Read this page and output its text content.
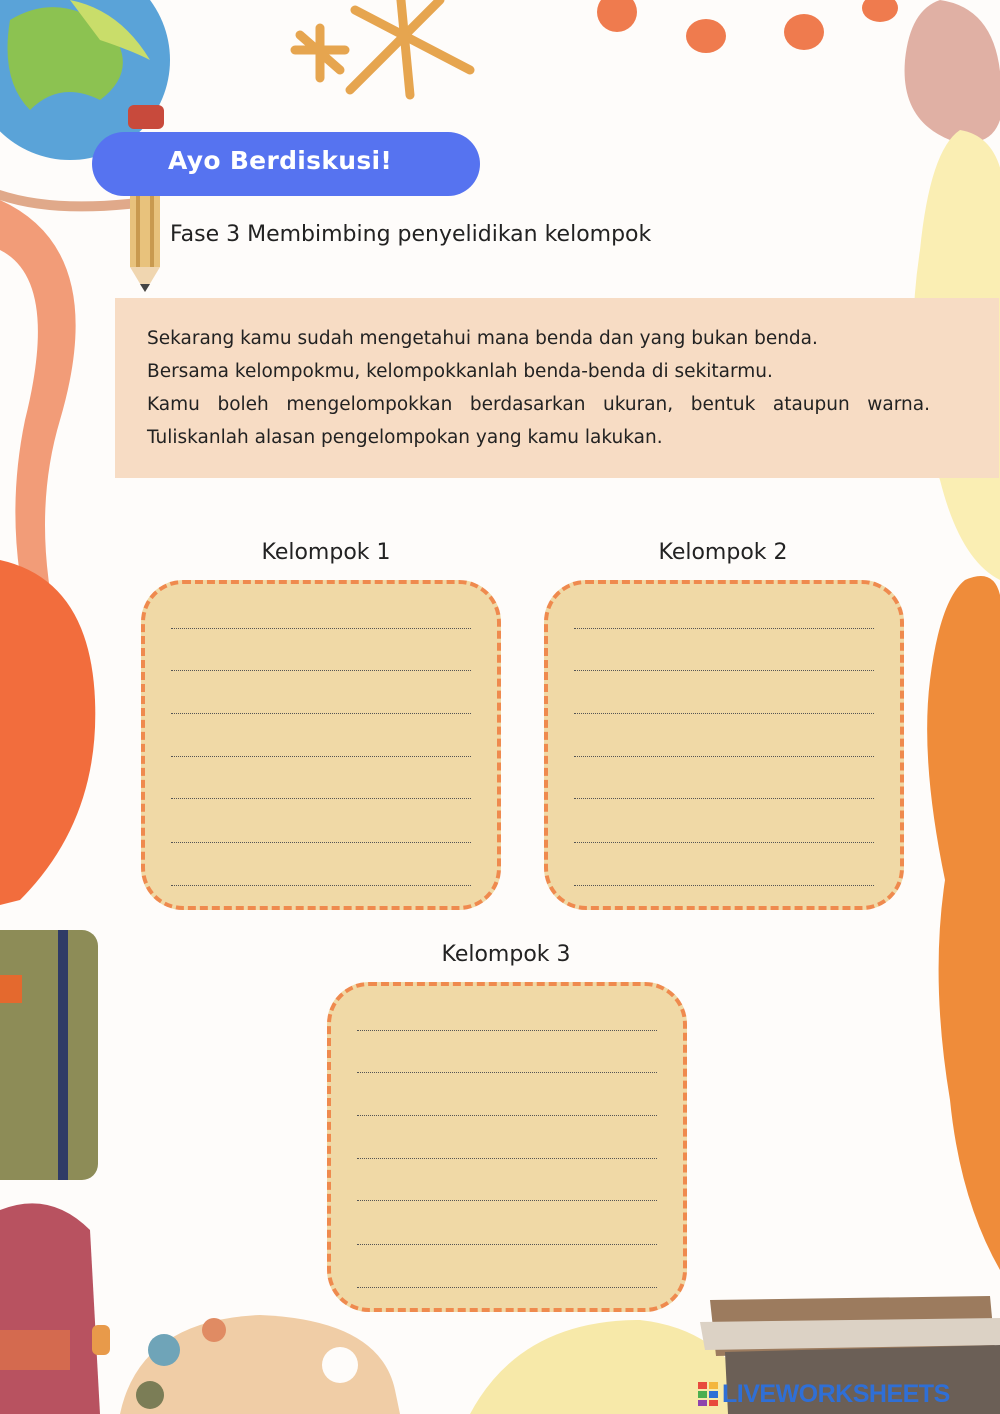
Ayo Berdiskusi!
Fase 3 Membimbing penyelidikan kelompok

Sekarang kamu sudah mengetahui mana benda dan yang bukan benda.

Bersama kelompokmu, kelompokkanlah benda-benda di sekitarmu.

Kamu boleh mengelompokkan berdasarkan ukuran, bentuk ataupun warna. Tuliskanlah alasan pengelompokan yang kamu lakukan.

Kelompok 1	Kelompok 2
Kelompok 3
LIVEWORKSHEETS
